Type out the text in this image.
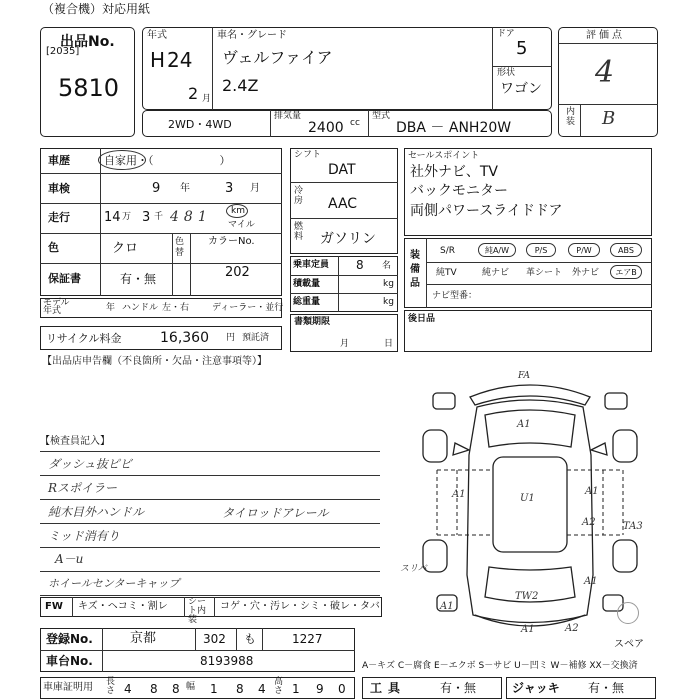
（複合機）対応用紙
出品No.
[2035]
5810
年式
H 24
2 月
車名・グレード
ヴェルファイア
2.4Z
ドア
5
形状
ワゴン
評価点
4
内装 B
2WD・4WD
排気量
2400 cc
型式
DBA － ANH20W
車歴	自家用・（　　　　　　）
車検	9 年	3 月
走行	14 万 3 千 481 km
マイル
色	クロ	色替
カラーNo.
202
保証書	有・無
モデル年式	年 ハンドル 左・右	ディーラー・並行
リサイクル料金	16,360 円 預託済
【出品店申告欄（不良箇所・欠品・注意事項等）】
シフト
DAT
冷房 AAC
燃料 ガソリン
乗車定員 8 名
積載量	kg
総重量	kg
書類期限
月	日
セールスポイント
社外ナビ、TV
バックモニター
両側パワースライドドア
装備品
S/R	純A/W	P/S	P/W	ABS
純TV	純ナビ 革シート 外ナビ	エアB
ナビ型番：
後日品
【検査員記入】
ダッシュ抜ピビ
Rスポイラー
純木目外ハンドル
ミッド消有り
A－u
ホイールセンターキャップ
タイロッドアレール
FA
A1
A1	U1
A1
A2	TA3
スリバ
TW2
A1
A1
A1	A2
スペア
FW キズ・ヘコミ・割レ シート内装
コゲ・穴・汚レ・シミ・破レ・タバ
登録No.	京都	302 も	1227
車台No.	8193988	A－キズ C－腐食 E－エクボ S－サビ U－凹ミ W－補修 XX－交換済
車庫証明用 長さ 4 8 8 幅 1 8 4 高さ 1 9 0 工具	有・無	ジャッキ 有・無
